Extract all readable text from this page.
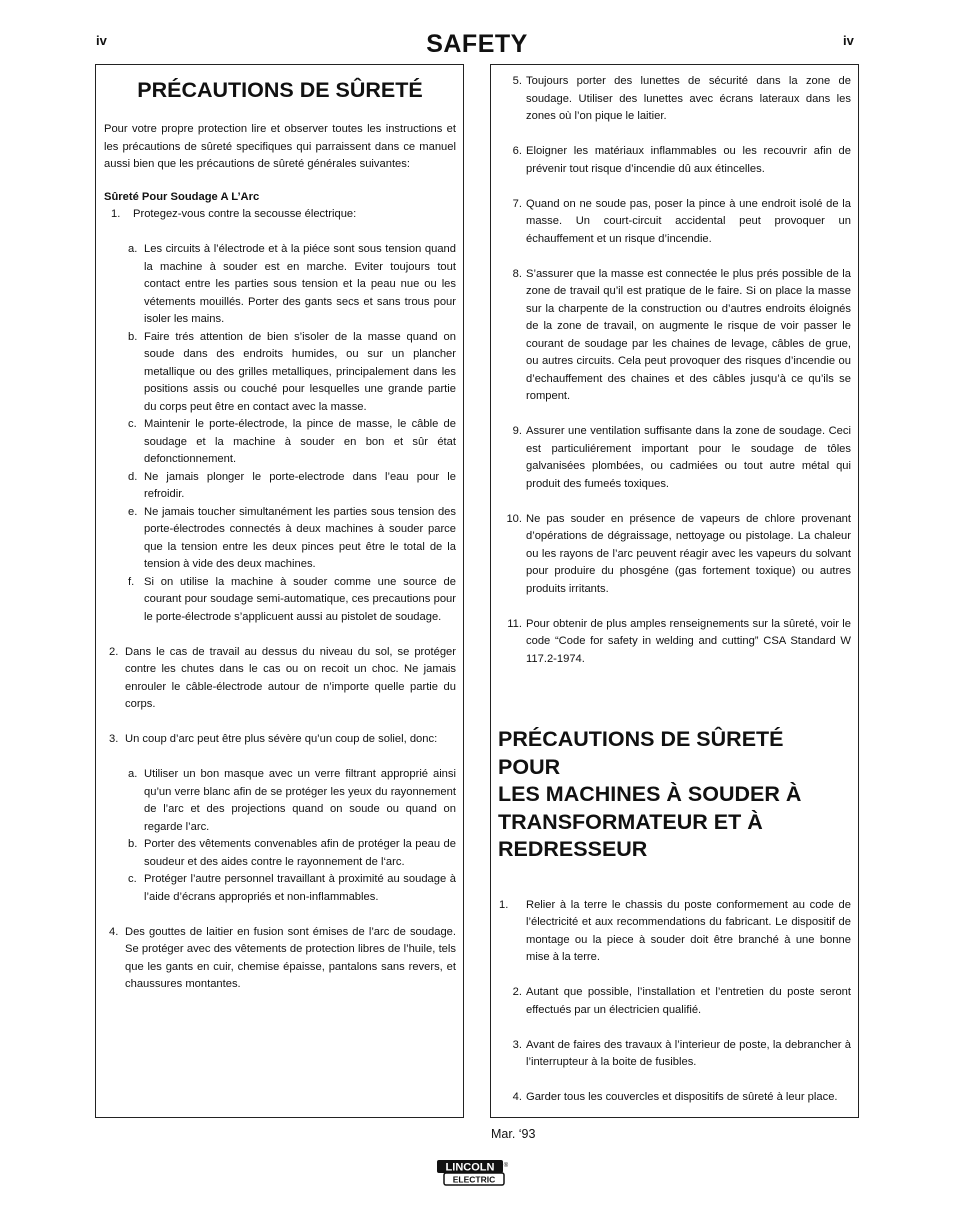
iv	SAFETY	iv
PRÉCAUTIONS DE SÛRETÉ

Pour votre propre protection lire et observer toutes les instructions et les précautions de sûreté specifiques qui parraissent dans ce manuel aussi bien que les précautions de sûreté générales suivantes:

Sûreté Pour Soudage A L’Arc
1.	Protegez-vous contre la secousse électrique:
a. Les circuits à l’électrode et à la piéce sont sous tension quand la machine à souder est en marche. Eviter toujours tout contact entre les parties sous tension et la peau nue ou les vétements mouillés. Porter des gants secs et sans trous pour isoler les mains.
b. Faire trés attention de bien s’isoler de la masse quand on soude dans des endroits humides, ou sur un plancher metallique ou des grilles metalliques, principalement dans les positions assis ou couché pour lesquelles une grande partie du corps peut être en contact avec la masse.
c. Maintenir le porte-électrode, la pince de masse, le câble de soudage et la machine à souder en bon et sûr état defonctionnement.
d. Ne jamais plonger le porte-electrode dans l’eau pour le refroidir.
e. Ne jamais toucher simultanément les parties sous tension des porte-électrodes connectés à deux machines à souder parce que la tension entre les deux pinces peut être le total de la tension à vide des deux machines.
f. Si on utilise la machine à souder comme une source de courant pour soudage semi-automatique, ces precautions pour le porte-électrode s’applicuent aussi au pistolet de soudage.
2. Dans le cas de travail au dessus du niveau du sol, se protéger contre les chutes dans le cas ou on recoit un choc. Ne jamais enrouler le câble-électrode autour de n’importe quelle partie du corps.
3. Un coup d’arc peut être plus sévère qu’un coup de soliel, donc:
a. Utiliser un bon masque avec un verre filtrant approprié ainsi qu’un verre blanc afin de se protéger les yeux du rayonnement de l’arc et des projections quand on soude ou quand on regarde l’arc.
b. Porter des vêtements convenables afin de protéger la peau de soudeur et des aides contre le rayonnement de l‘arc.
c. Protéger l’autre personnel travaillant à proximité au soudage à l’aide d’écrans appropriés et non-inflammables.
4. Des gouttes de laitier en fusion sont émises de l’arc de soudage. Se protéger avec des vêtements de protection libres de l’huile, tels que les gants en cuir, chemise épaisse, pantalons sans revers, et chaussures montantes.
5. Toujours porter des lunettes de sécurité dans la zone de soudage. Utiliser des lunettes avec écrans lateraux dans les zones où l’on pique le laitier.
6. Eloigner les matériaux inflammables ou les recouvrir afin de prévenir tout risque d’incendie dû aux étincelles.
7. Quand on ne soude pas, poser la pince à une endroit isolé de la masse. Un court-circuit accidental peut provoquer un échauffement et un risque d’incendie.
8. S’assurer que la masse est connectée le plus prés possible de la zone de travail qu’il est pratique de le faire. Si on place la masse sur la charpente de la construction ou d’autres endroits éloignés de la zone de travail, on augmente le risque de voir passer le courant de soudage par les chaines de levage, câbles de grue, ou autres circuits. Cela peut provoquer des risques d’incendie ou d’echauffement des chaines et des câbles jusqu’à ce qu’ils se rompent.
9. Assurer une ventilation suffisante dans la zone de soudage. Ceci est particuliérement important pour le soudage de tôles galvanisées plombées, ou cadmiées ou tout autre métal qui produit des fumeés toxiques.
10. Ne pas souder en présence de vapeurs de chlore provenant d’opérations de dégraissage, nettoyage ou pistolage. La chaleur ou les rayons de l’arc peuvent réagir avec les vapeurs du solvant pour produire du phosgéne (gas fortement toxique) ou autres produits irritants.
11. Pour obtenir de plus amples renseignements sur la sûreté, voir le code “Code for safety in welding and cutting” CSA Standard W 117.2-1974.
PRÉCAUTIONS DE SÛRETÉ POUR
LES MACHINES À SOUDER À
TRANSFORMATEUR ET À
REDRESSEUR
1.	Relier à la terre le chassis du poste conformement au code de l’électricité et aux recommendations du fabricant. Le dispositif de montage ou la piece à souder doit être branché à une bonne mise à la terre.
2. Autant que possible, l’installation et l’entretien du poste seront effectués par un électricien qualifié.
3. Avant de faires des travaux à l’interieur de poste, la debrancher à l’interrupteur à la boite de fusibles.
4. Garder tous les couvercles et dispositifs de sûreté à leur place.
Mar. ‘93
LINCOLN ®
ELECTRIC
